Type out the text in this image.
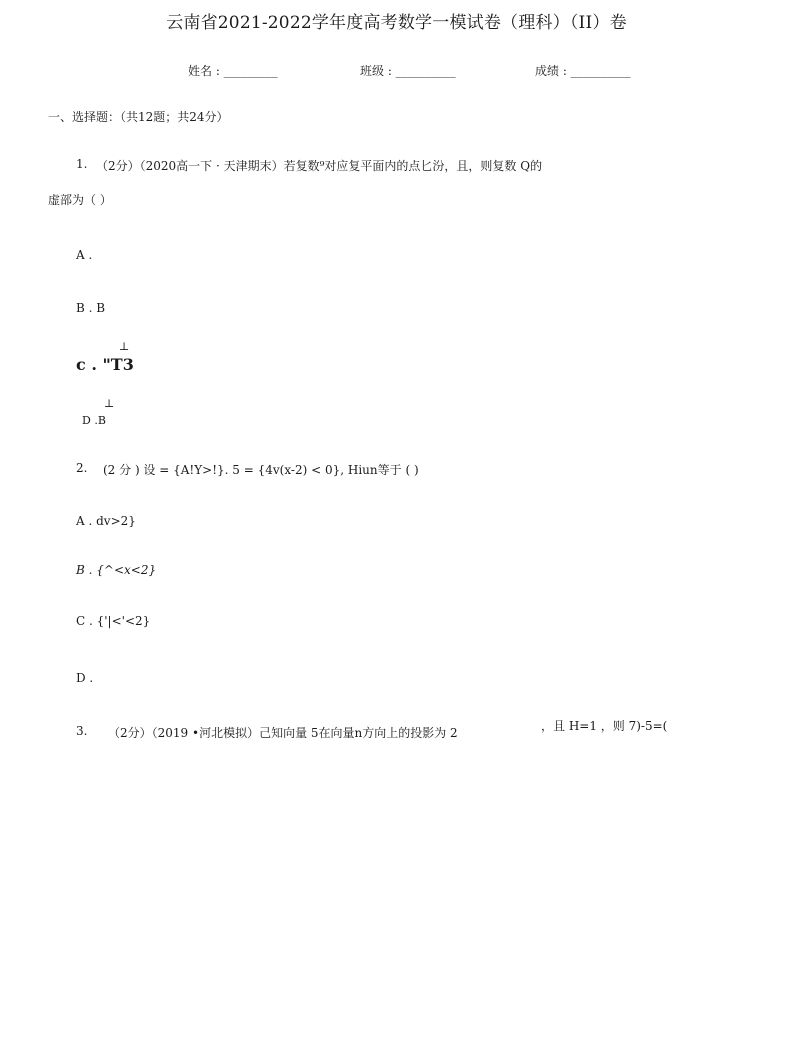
云南省2021-2022学年度高考数学一模试卷（理科）（II）卷
姓名 : _________	班级 : __________	成绩 : __________
一、选择题：（共12题；共24分）
1. （2分）（2020高一下 · 天津期末）若复数⁹对应复平面内的点匕汾，且，则复数 Q的
虚部为（ ）
A .
B . B
⊥
c . "T3
⊥
D .B
2. (2 分 ) 设 = {A!Y>!}. 5 = {4v(x-2) < 0}, Hiun等于 ( )
A . dv>2}
B . {^<x<2}
C . {'|<'<2}
D .
3. （2分）（2019 •河北模拟）己知向量 5在向量n方向上的投影为 2	，且 H=1 ，则 7)-5=(
